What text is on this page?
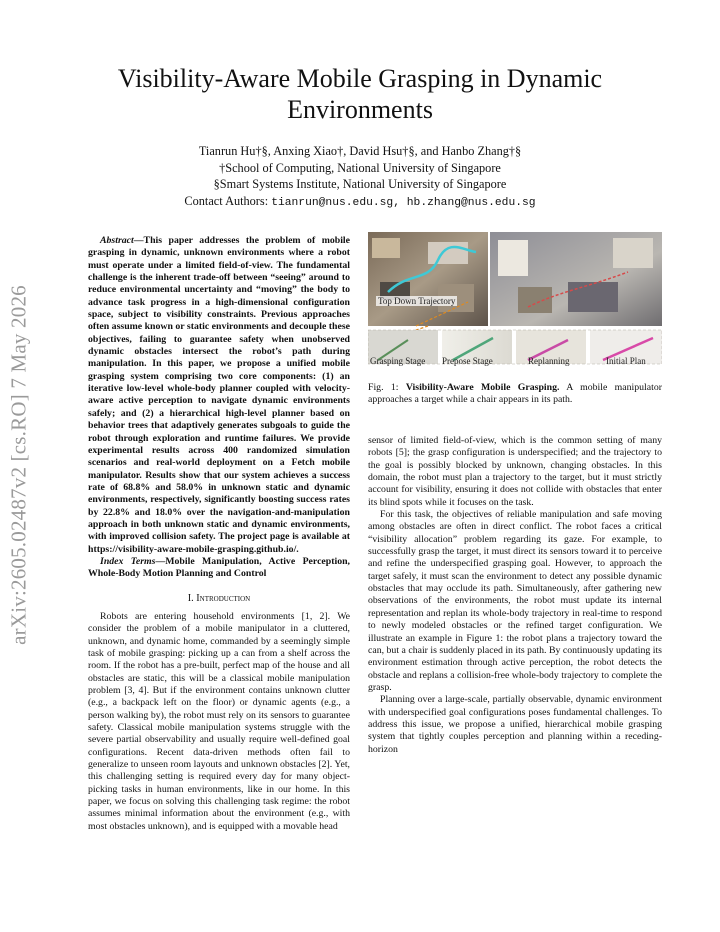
arXiv:2605.02487v2 [cs.RO] 7 May 2026
Visibility-Aware Mobile Grasping in Dynamic
Environments
Tianrun Hu†§, Anxing Xiao†, David Hsu†§, and Hanbo Zhang†§
†School of Computing, National University of Singapore
§Smart Systems Institute, National University of Singapore
Contact Authors: tianrun@nus.edu.sg, hb.zhang@nus.edu.sg

Abstract—This paper addresses the problem of mobile grasping in dynamic, unknown environments where a robot must operate under a limited field-of-view. The fundamental challenge is the inherent trade-off between “seeing” around to reduce environmental uncertainty and “moving” the body to advance task progress in a high-dimensional configuration space, subject to visibility constraints. Previous approaches often assume known or static environments and decouple these objectives, failing to guarantee safety when unobserved dynamic obstacles intersect the robot’s path during manipulation. In this paper, we propose a unified mobile grasping system comprising two core components: (1) an iterative low-level whole-body planner coupled with velocity-aware active perception to navigate dynamic environments safely; and (2) a hierarchical high-level planner based on behavior trees that adaptively generates subgoals to guide the robot through exploration and runtime failures. We provide experimental results across 400 randomized simulation scenarios and real-world deployment on a Fetch mobile manipulator. Results show that our system achieves a success rate of 68.8% and 58.0% in unknown static and dynamic environments, respectively, significantly boosting success rates by 22.8% and 18.0% over the navigation-and-manipulation approach in both unknown static and dynamic environments, with improved collision safety. The project page is available at https://visibility-aware-mobile-grasping.github.io/.

Index Terms—Mobile Manipulation, Active Perception, Whole-Body Motion Planning and Control

I. Introduction

Robots are entering household environments [1, 2]. We consider the problem of a mobile manipulator in a cluttered, unknown, and dynamic home, commanded by a seemingly simple task of mobile grasping: picking up a can from a shelf across the room. If the robot has a pre-built, perfect map of the house and all obstacles are static, this will be a classical mobile manipulation problem [3, 4]. But if the environment contains unknown clutter (e.g., a backpack left on the floor) or dynamic agents (e.g., a person walking by), the robot must rely on its sensors to guarantee safety. Classical mobile manipulation systems struggle with the severe partial observability and usually require well-defined goal configurations. Recent data-driven methods often fail to generalize to unseen room layouts and unknown obstacles [2]. Yet, this challenging setting is required every day for many object-picking tasks in human environments, like in our home. In this paper, we focus on solving this challenging task regime: the robot assumes minimal information about the environment (e.g., with most obstacles unknown), and is equipped with a movable head

Top Down Trajectory
Grasping Stage Prepose Stage	Replanning	Initial Plan
Fig. 1: Visibility-Aware Mobile Grasping. A mobile manipulator approaches a target while a chair appears in its path.

sensor of limited field-of-view, which is the common setting of many robots [5]; the grasp configuration is underspecified; and the trajectory to the goal is possibly blocked by unknown, changing obstacles. In this domain, the robot must plan a trajectory to the target, but it must strictly account for visibility, ensuring it does not collide with obstacles that enter its blind spots while it focuses on the task.

For this task, the objectives of reliable manipulation and safe moving among obstacles are often in direct conflict. The robot faces a critical “visibility allocation” problem regarding its gaze. For example, to successfully grasp the target, it must direct its sensors toward it to perceive and refine the underspecified grasping goal. However, to approach the target safely, it must scan the environment to detect any possible dynamic obstacles that may occlude its path. Simultaneously, after gathering new observations of the environments, the robot must update its internal representation and replan its whole-body trajectory in real-time to respond to newly modeled obstacles or the refined target configuration. We illustrate an example in Figure 1: the robot plans a trajectory toward the can, but a chair is suddenly placed in its path. By continuously updating its environment estimation through active perception, the robot detects the obstacle and replans a collision-free whole-body trajectory to complete the grasp.

Planning over a large-scale, partially observable, dynamic environment with underspecified goal configurations poses fundamental challenges. To address this issue, we propose a unified, hierarchical mobile grasping system that tightly couples perception and planning within a receding-horizon
